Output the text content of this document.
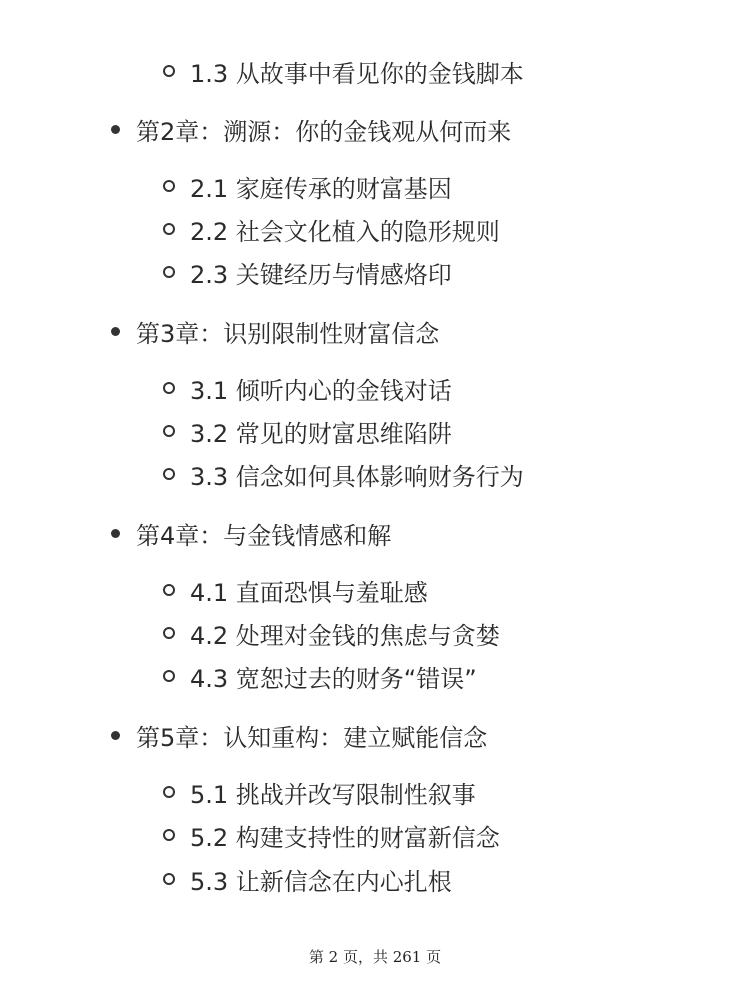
1.3 从故事中看见你的金钱脚本
第2章：溯源：你的金钱观从何而来
2.1 家庭传承的财富基因
2.2 社会文化植入的隐形规则
2.3 关键经历与情感烙印
第3章：识别限制性财富信念
3.1 倾听内心的金钱对话
3.2 常见的财富思维陷阱
3.3 信念如何具体影响财务行为
第4章：与金钱情感和解
4.1 直面恐惧与羞耻感
4.2 处理对金钱的焦虑与贪婪
4.3 宽恕过去的财务“错误”
第5章：认知重构：建立赋能信念
5.1 挑战并改写限制性叙事
5.2 构建支持性的财富新信念
5.3 让新信念在内心扎根
第 2 页，共 261 页
